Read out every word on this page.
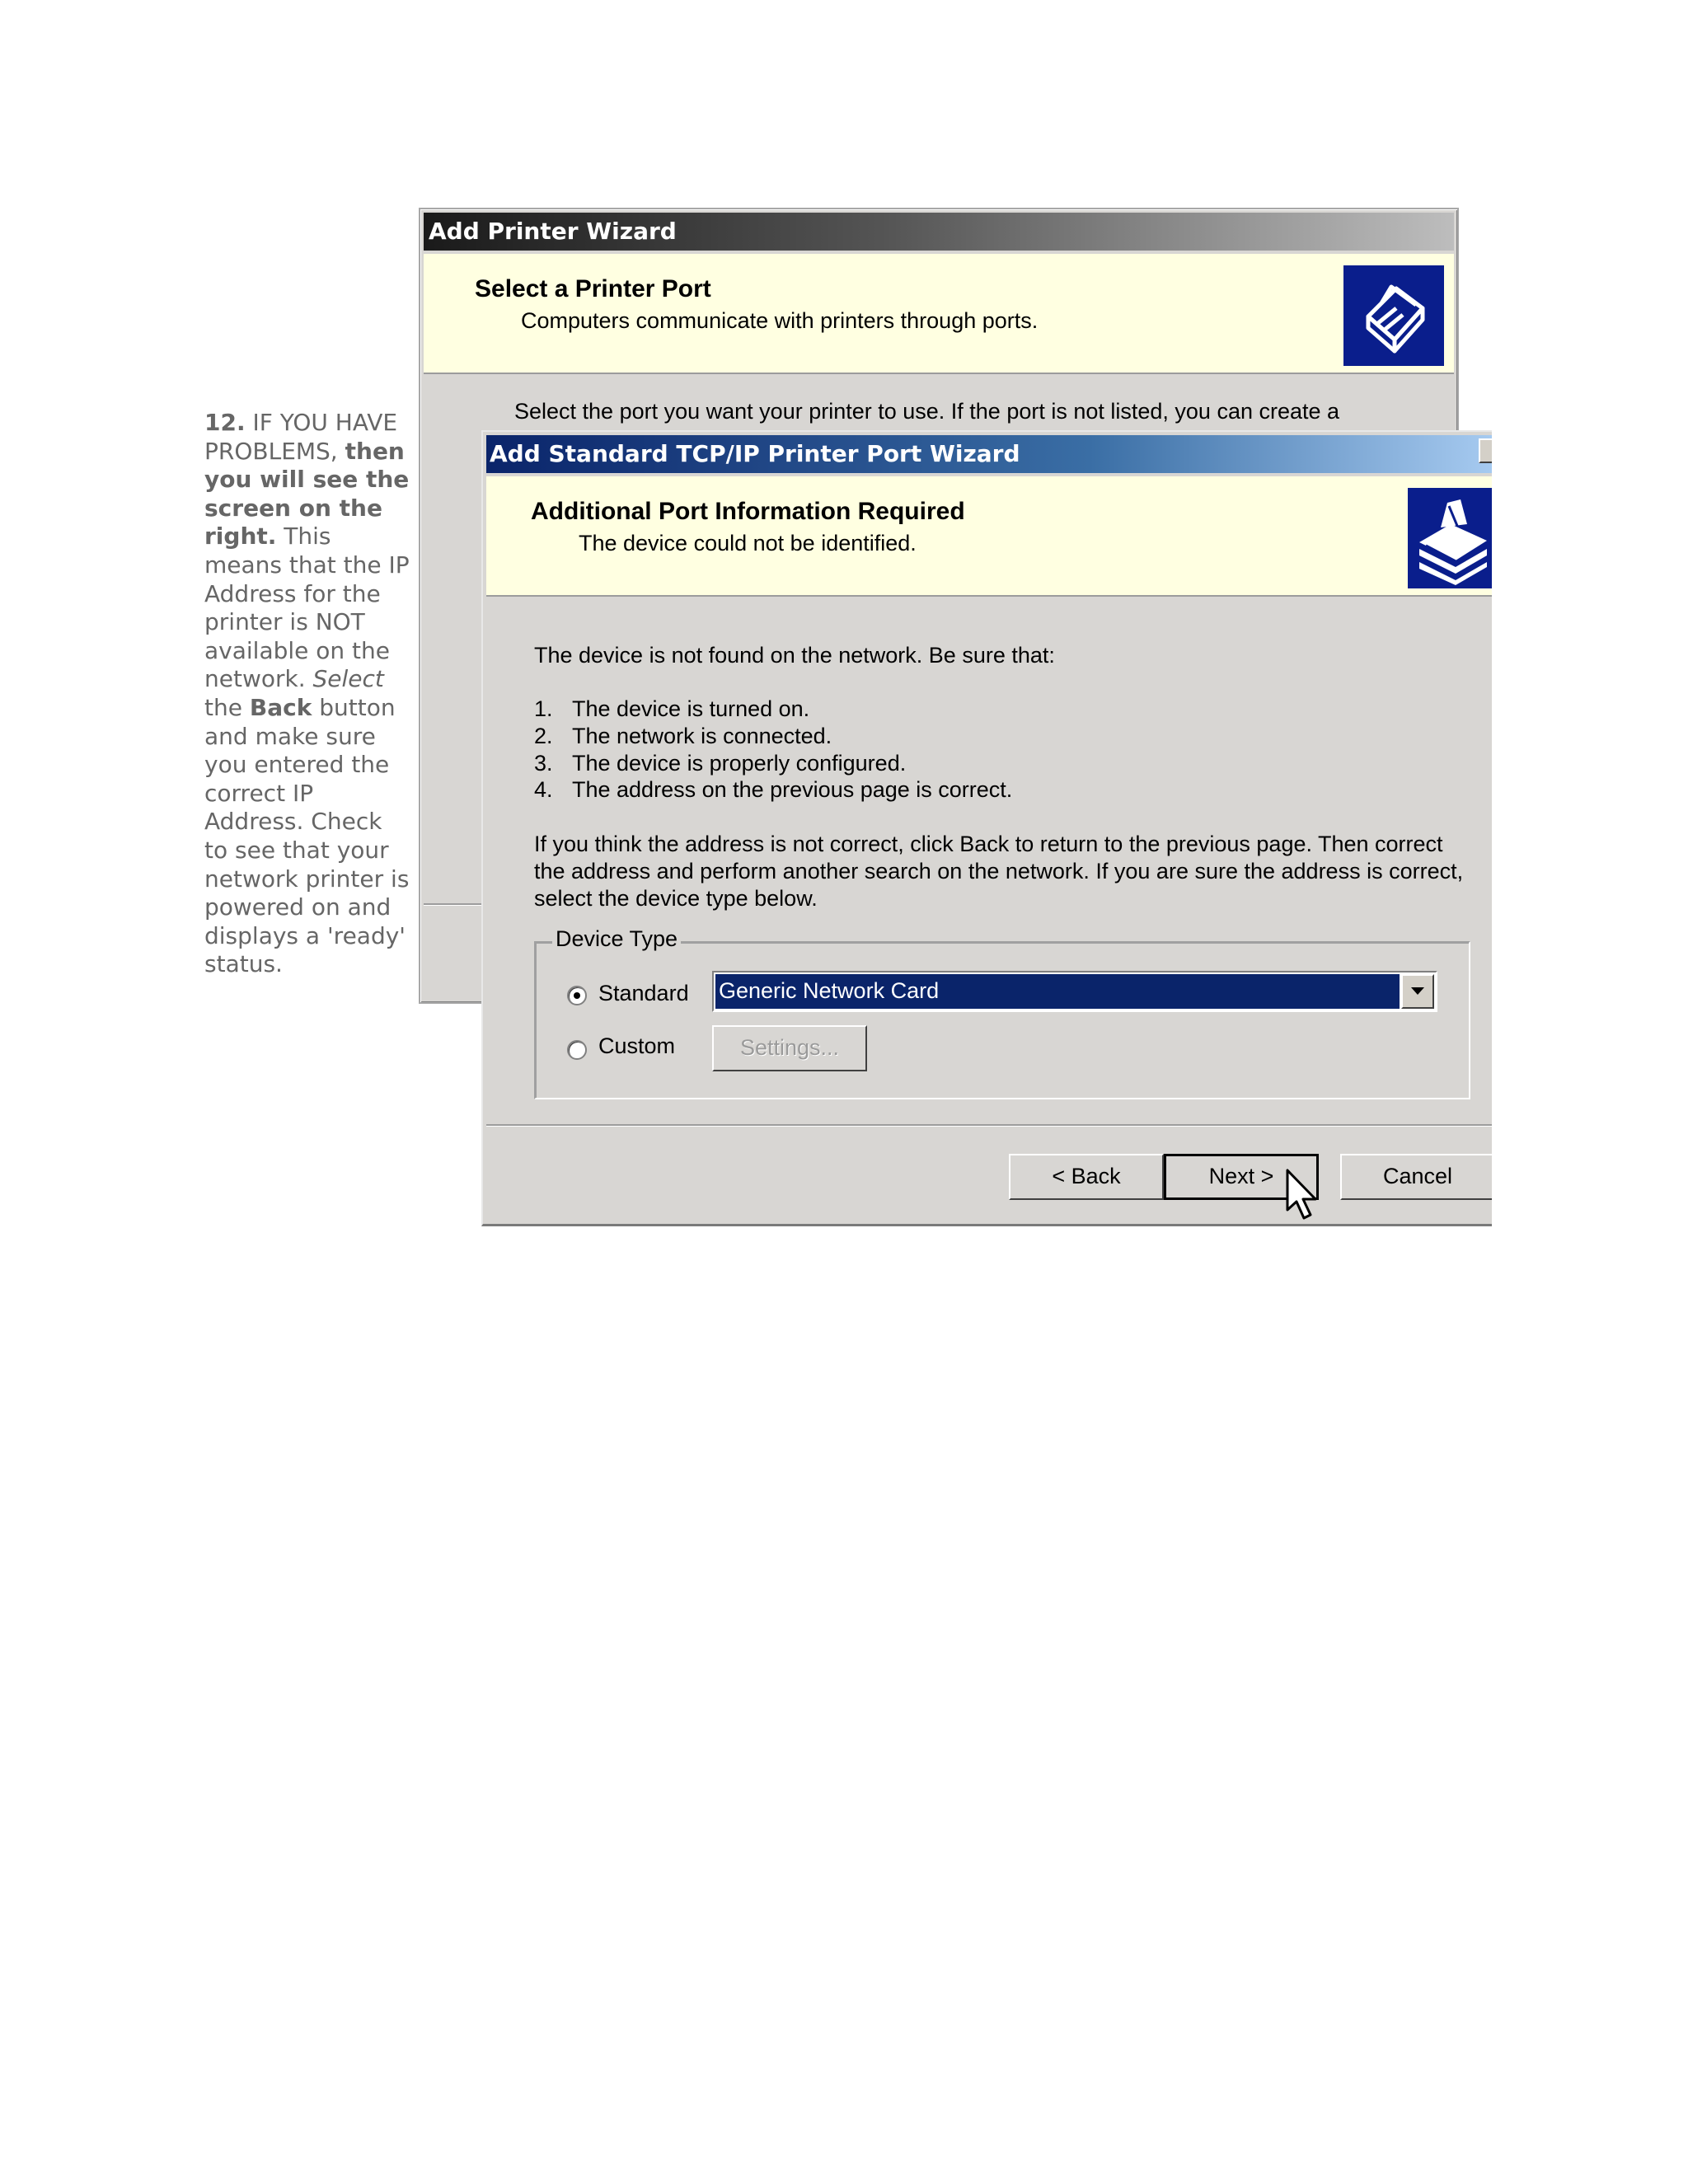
12. IF YOU HAVE PROBLEMS, then you will see the screen on the right. This means that the IP Address for the printer is NOT available on the network. Select the Back button and make sure you entered the correct IP Address. Check to see that your network printer is powered on and displays a 'ready' status.
Add Printer Wizard
Select a Printer Port
Computers communicate with printers through ports.
Select the port you want your printer to use. If the port is not listed, you can create a
Add Standard TCP/IP Printer Port Wizard
Additional Port Information Required
The device could not be identified.
The device is not found on the network. Be sure that:
1. The device is turned on.
2. The network is connected.
3. The device is properly configured.
4. The address on the previous page is correct.
If you think the address is not correct, click Back to return to the previous page. Then correct the address and perform another search on the network. If you are sure the address is correct, select the device type below.
Device Type
Standard
Custom
Generic Network Card
Settings...
< Back	Next >	Cancel
